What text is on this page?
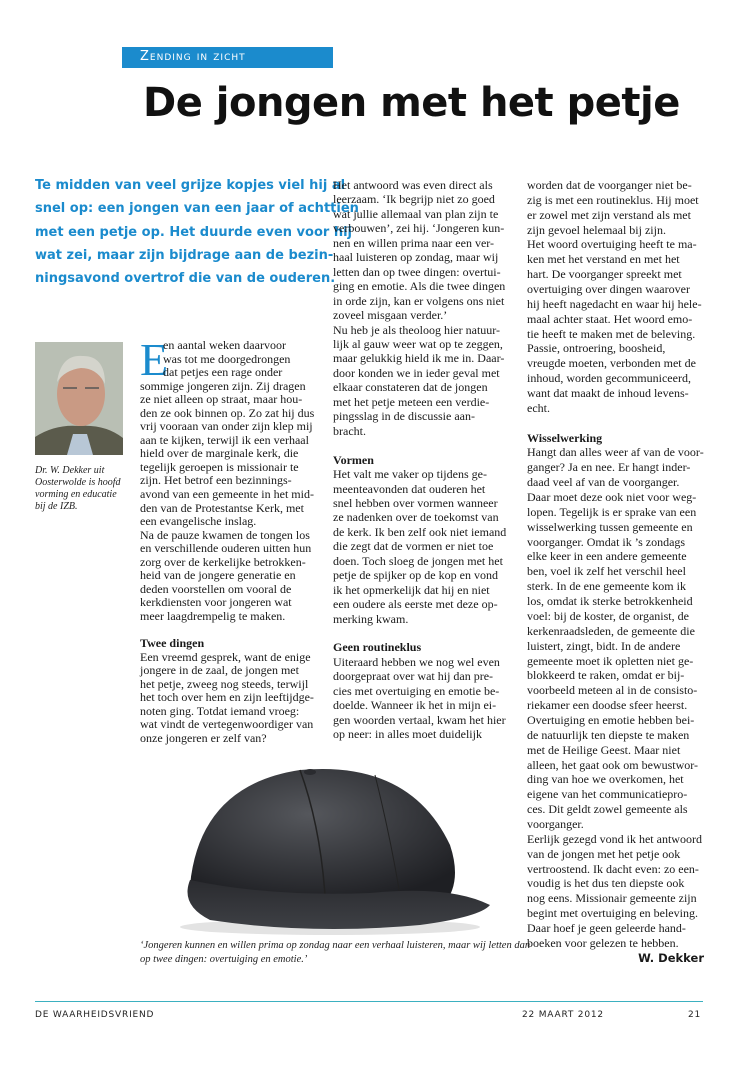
Zending in zicht
De jongen met het petje
Te midden van veel grijze kopjes viel hij al
snel op: een jongen van een jaar of achttien
met een petje op. Het duurde even voor hij
wat zei, maar zijn bijdrage aan de bezin-
ningsavond overtrof die van de ouderen.
Dr. W. Dekker uit
Oosterwolde is hoofd
vorming en educatie
bij de IZB.
E
en aantal weken daarvoor
was tot me doorgedrongen
dat petjes een rage onder
sommige jongeren zijn. Zij dragen
ze niet alleen op straat, maar hou-
den ze ook binnen op. Zo zat hij dus
vrij vooraan van onder zijn klep mij
aan te kijken, terwijl ik een verhaal
hield over de marginale kerk, die
tegelijk geroepen is missionair te
zijn. Het betrof een bezinnings-
avond van een gemeente in het mid-
den van de Protestantse Kerk, met
een evangelische inslag.
Na de pauze kwamen de tongen los
en verschillende ouderen uitten hun
zorg over de kerkelijke betrokken-
heid van de jongere generatie en
deden voorstellen om vooral de
kerkdiensten voor jongeren wat
meer laagdrempelig te maken.
Twee dingen
Een vreemd gesprek, want de enige
jongere in de zaal, de jongen met
het petje, zweeg nog steeds, terwijl
het toch over hem en zijn leeftijdge-
noten ging. Totdat iemand vroeg:
wat vindt de vertegenwoordiger van
onze jongeren er zelf van?
Het antwoord was even direct als
leerzaam. ‘Ik begrijp niet zo goed
wat jullie allemaal van plan zijn te
verbouwen’, zei hij. ‘Jongeren kun-
nen en willen prima naar een ver-
haal luisteren op zondag, maar wij
letten dan op twee dingen: overtui-
ging en emotie. Als die twee dingen
in orde zijn, kan er volgens ons niet
zoveel misgaan verder.’
Nu heb je als theoloog hier natuur-
lijk al gauw weer wat op te zeggen,
maar gelukkig hield ik me in. Daar-
door konden we in ieder geval met
elkaar constateren dat de jongen
met het petje meteen een verdie-
pingsslag in de discussie aan-
bracht.
Vormen
Het valt me vaker op tijdens ge-
meenteavonden dat ouderen het
snel hebben over vormen wanneer
ze nadenken over de toekomst van
de kerk. Ik ben zelf ook niet iemand
die zegt dat de vormen er niet toe
doen. Toch sloeg de jongen met het
petje de spijker op de kop en vond
ik het opmerkelijk dat hij en niet
een oudere als eerste met deze op-
merking kwam.
Geen routineklus
Uiteraard hebben we nog wel even
doorgepraat over wat hij dan pre-
cies met overtuiging en emotie be-
doelde. Wanneer ik het in mijn ei-
gen woorden vertaal, kwam het hier
op neer: in alles moet duidelijk
worden dat de voorganger niet be-
zig is met een routineklus. Hij moet
er zowel met zijn verstand als met
zijn gevoel helemaal bij zijn.
Het woord overtuiging heeft te ma-
ken met het verstand en met het
hart. De voorganger spreekt met
overtuiging over dingen waarover
hij heeft nagedacht en waar hij hele-
maal achter staat. Het woord emo-
tie heeft te maken met de beleving.
Passie, ontroering, boosheid,
vreugde moeten, verbonden met de
inhoud, worden gecommuniceerd,
want dat maakt de inhoud levens-
echt.
Wisselwerking
Hangt dan alles weer af van de voor-
ganger? Ja en nee. Er hangt inder-
daad veel af van de voorganger.
Daar moet deze ook niet voor weg-
lopen. Tegelijk is er sprake van een
wisselwerking tussen gemeente en
voorganger. Omdat ik ’s zondags
elke keer in een andere gemeente
ben, voel ik zelf het verschil heel
sterk. In de ene gemeente kom ik
los, omdat ik sterke betrokkenheid
voel: bij de koster, de organist, de
kerkenraadsleden, de gemeente die
luistert, zingt, bidt. In de andere
gemeente moet ik opletten niet ge-
blokkeerd te raken, omdat er bij-
voorbeeld meteen al in de consisto-
riekamer een doodse sfeer heerst.
Overtuiging en emotie hebben bei-
de natuurlijk ten diepste te maken
met de Heilige Geest. Maar niet
alleen, het gaat ook om bewustwor-
ding van hoe we overkomen, het
eigene van het communicatiepro-
ces. Dit geldt zowel gemeente als
voorganger.
Eerlijk gezegd vond ik het antwoord
van de jongen met het petje ook
vertroostend. Ik dacht even: zo een-
voudig is het dus ten diepste ook
nog eens. Missionair gemeente zijn
begint met overtuiging en beleving.
Daar hoef je geen geleerde hand-
boeken voor gelezen te hebben.
W. Dekker
‘Jongeren kunnen en willen prima op zondag naar een verhaal luisteren, maar wij letten dan
op twee dingen: overtuiging en emotie.’
DE WAARHEIDSVRIEND	22 MAART 2012	21
